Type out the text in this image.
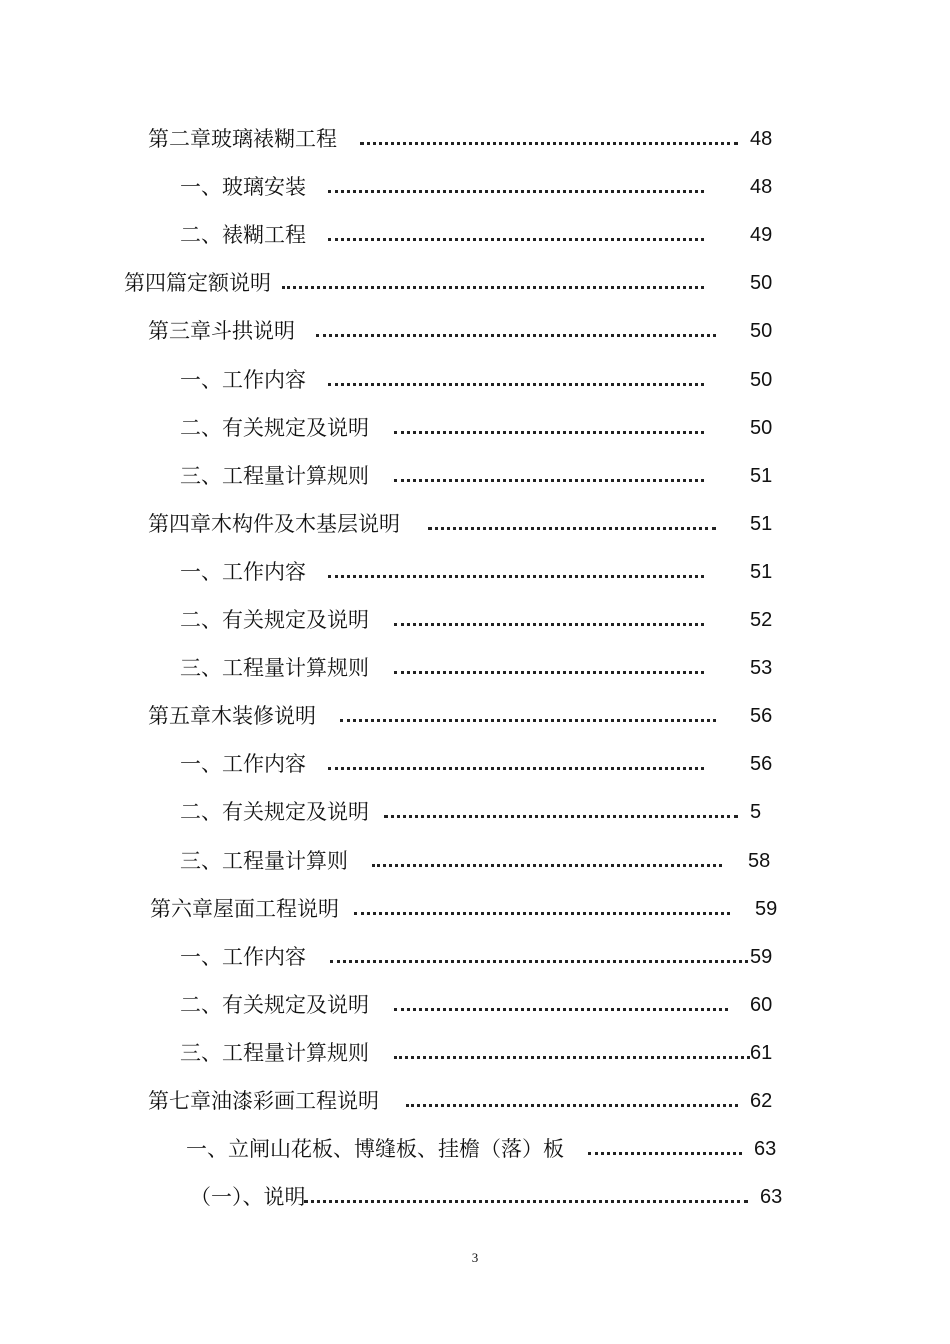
第二章玻璃裱糊工程	48
一、玻璃安装	48
二、裱糊工程	49
第四篇定额说明	50
第三章斗拱说明	50
一、工作内容	50
二、有关规定及说明	50
三、工程量计算规则	51
第四章木构件及木基层说明	51
一、工作内容	51
二、有关规定及说明	52
三、工程量计算规则	53
第五章木装修说明	56
一、工作内容	56
二、有关规定及说明	5
三、工程量计算则	58
第六章屋面工程说明	59
一、工作内容	59
二、有关规定及说明	60
三、工程量计算规则	61
第七章油漆彩画工程说明	62
一、立闸山花板、博缝板、挂檐（落）板	63
（一）、说明	63
3
